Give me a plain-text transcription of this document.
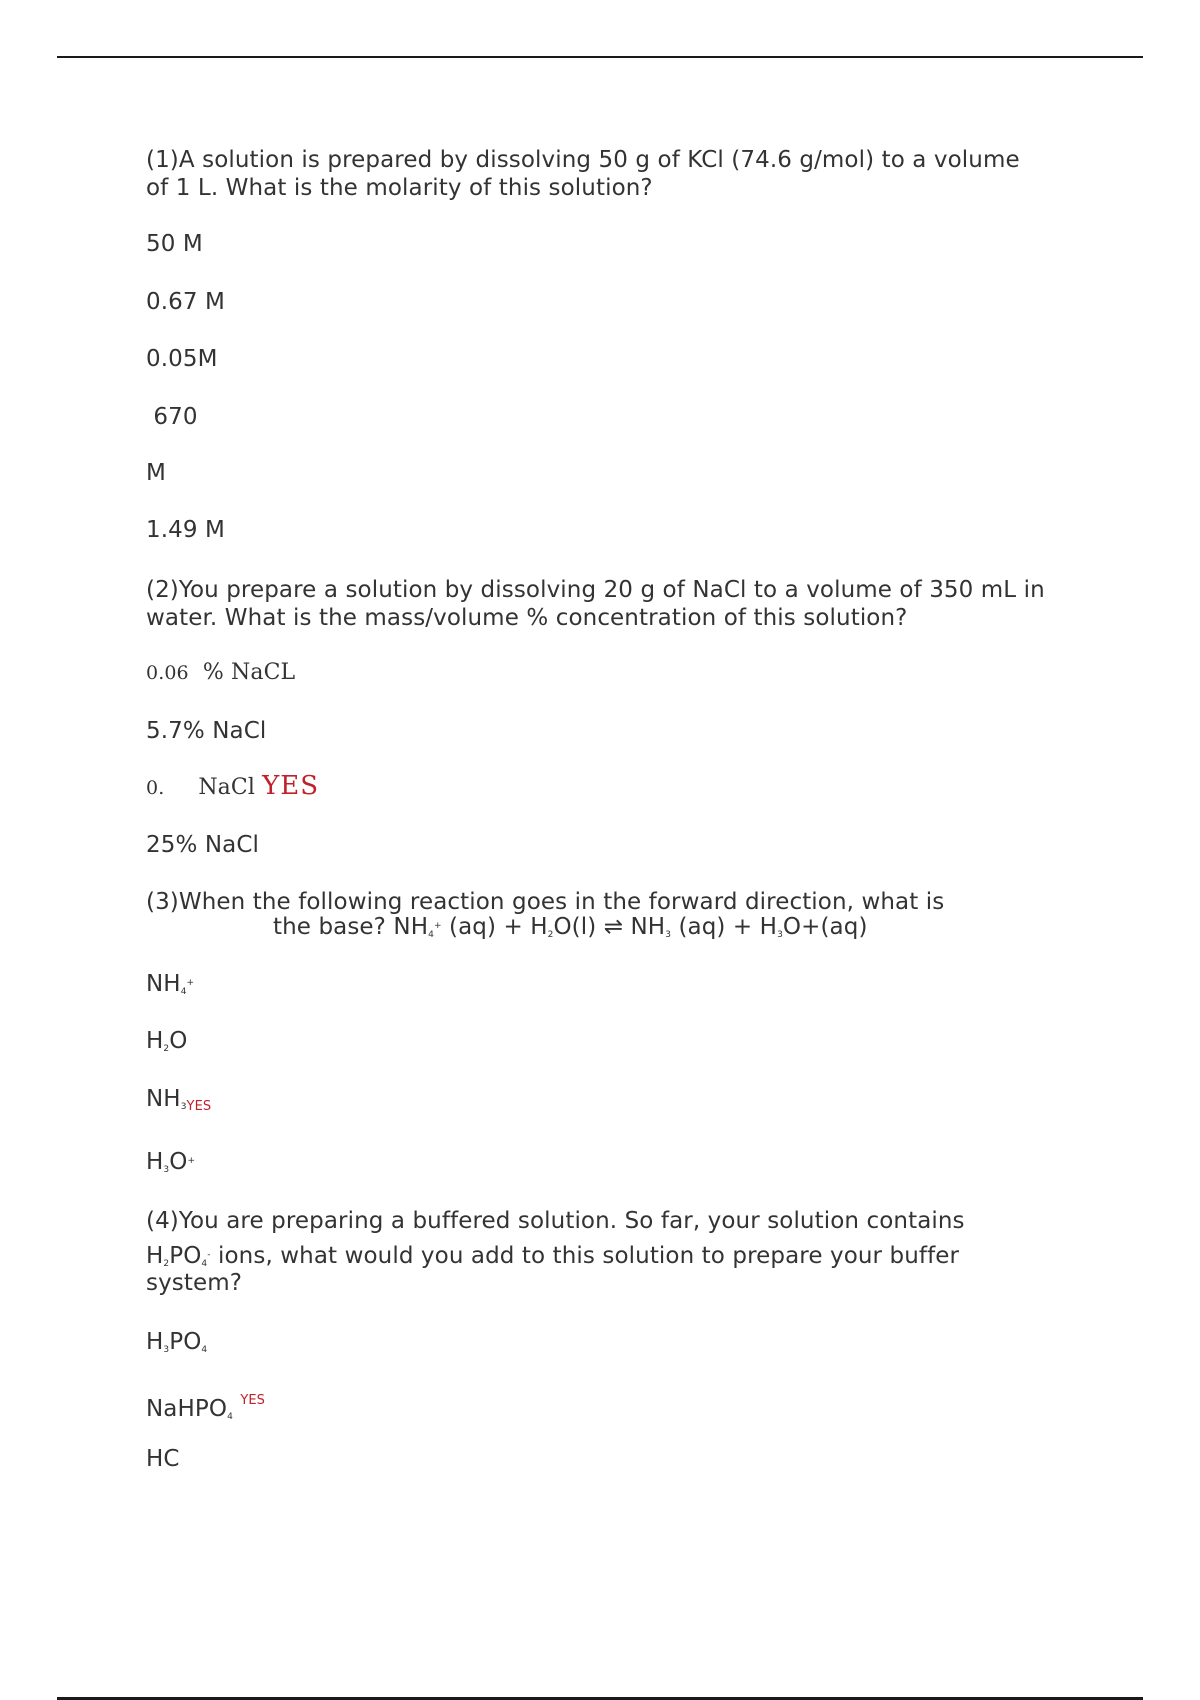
(1)A solution is prepared by dissolving 50 g of KCl (74.6 g/mol) to a volume of 1 L. What is the molarity of this solution?
50 M
0.67 M
0.05M
670
M
1.49 M
(2)You prepare a solution by dissolving 20 g of NaCl to a volume of 350 mL in water. What is the mass/volume % concentration of this solution?
0.06 % NaCL
5.7% NaCl
0. NaCl YES
25% NaCl
(3)When the following reaction goes in the forward direction, what is
the base? $NH_4^+$ $(aq) + H_2O(l)$ ⇌ $NH_3$ $(aq) + H_3O+(aq)$
$NH_4^+$
$H_2O$
$NH_3YES$
$H_3O^+$
(4)You are preparing a buffered solution. So far, your solution contains
$H_2PO_4^-$ ions, what would you add to this solution to prepare your buffer
system?
$H_3PO_4$
NaHPO$_4$ $^{YES}$
HC
